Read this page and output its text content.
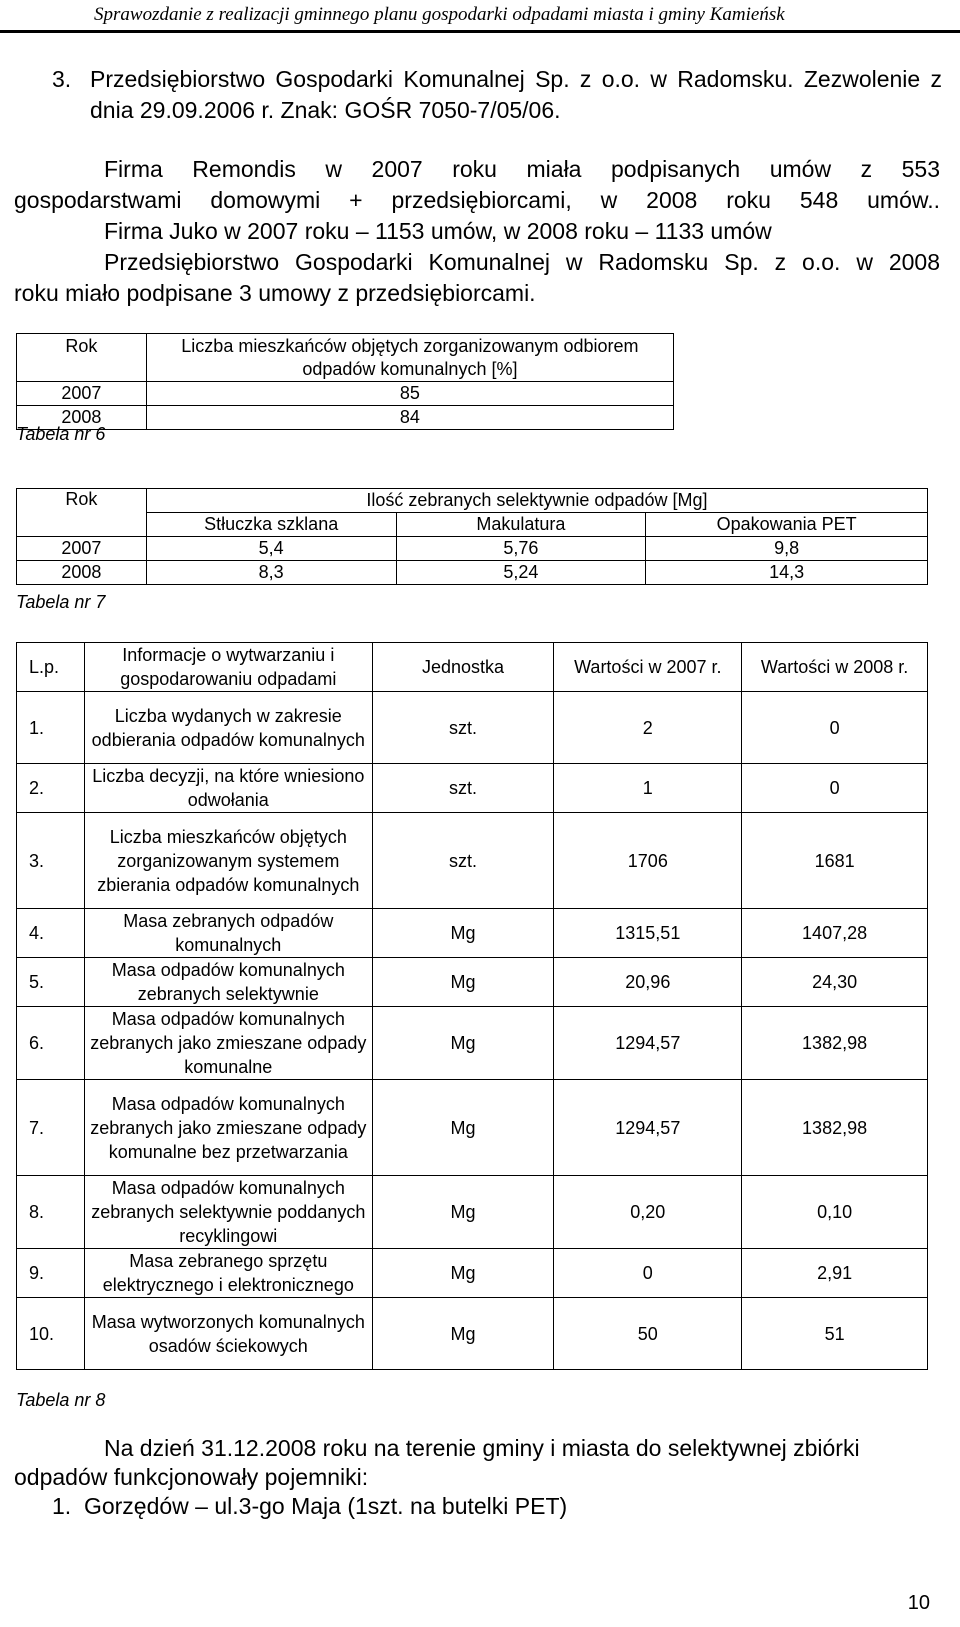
Sprawozdanie z realizacji gminnego planu gospodarki odpadami miasta i gminy Kamieńsk
3. Przedsiębiorstwo Gospodarki Komunalnej Sp. z o.o. w Radomsku. Zezwolenie z dnia 29.09.2006 r. Znak: GOŚR 7050-7/05/06.
Firma Remondis w 2007 roku miała podpisanych umów z 553
gospodarstwami domowymi + przedsiębiorcami, w 2008 roku 548 umów..
Firma Juko w 2007 roku – 1153 umów, w 2008 roku – 1133 umów
Przedsiębiorstwo Gospodarki Komunalnej w Radomsku Sp. z o.o. w 2008
roku miało podpisane 3 umowy z przedsiębiorcami.
Rok	Liczba mieszkańców objętych zorganizowanym odbiorem odpadów komunalnych [%]
2007	85
2008	84
Tabela nr 6
Rok	Ilość zebranych selektywnie odpadów [Mg]		
	Stłuczka szklana	Makulatura	Opakowania PET
2007	5,4	5,76	9,8
2008	8,3	5,24	14,3
Tabela nr 7
L.p.	Informacje o wytwarzaniu i gospodarowaniu odpadami	Jednostka	Wartości w 2007 r.	Wartości w 2008 r.
1.	Liczba wydanych w zakresie odbierania odpadów komunalnych	szt.	2	0
2.	Liczba decyzji, na które wniesiono odwołania	szt.	1	0
3.	Liczba mieszkańców objętych zorganizowanym systemem zbierania odpadów komunalnych	szt.	1706	1681
4.	Masa zebranych odpadów komunalnych	Mg	1315,51	1407,28
5.	Masa odpadów komunalnych zebranych selektywnie	Mg	20,96	24,30
6.	Masa odpadów komunalnych zebranych jako zmieszane odpady komunalne	Mg	1294,57	1382,98
7.	Masa odpadów komunalnych zebranych jako zmieszane odpady komunalne bez przetwarzania	Mg	1294,57	1382,98
8.	Masa odpadów komunalnych zebranych selektywnie poddanych recyklingowi	Mg	0,20	0,10
9.	Masa zebranego sprzętu elektrycznego i elektronicznego	Mg	0	2,91
10.	Masa wytworzonych komunalnych osadów ściekowych	Mg	50	51
Tabela nr 8
Na dzień 31.12.2008 roku na terenie gminy i miasta do selektywnej zbiórki
odpadów funkcjonowały pojemniki:
1.  Gorzędów – ul.3-go Maja (1szt. na butelki PET)
10
